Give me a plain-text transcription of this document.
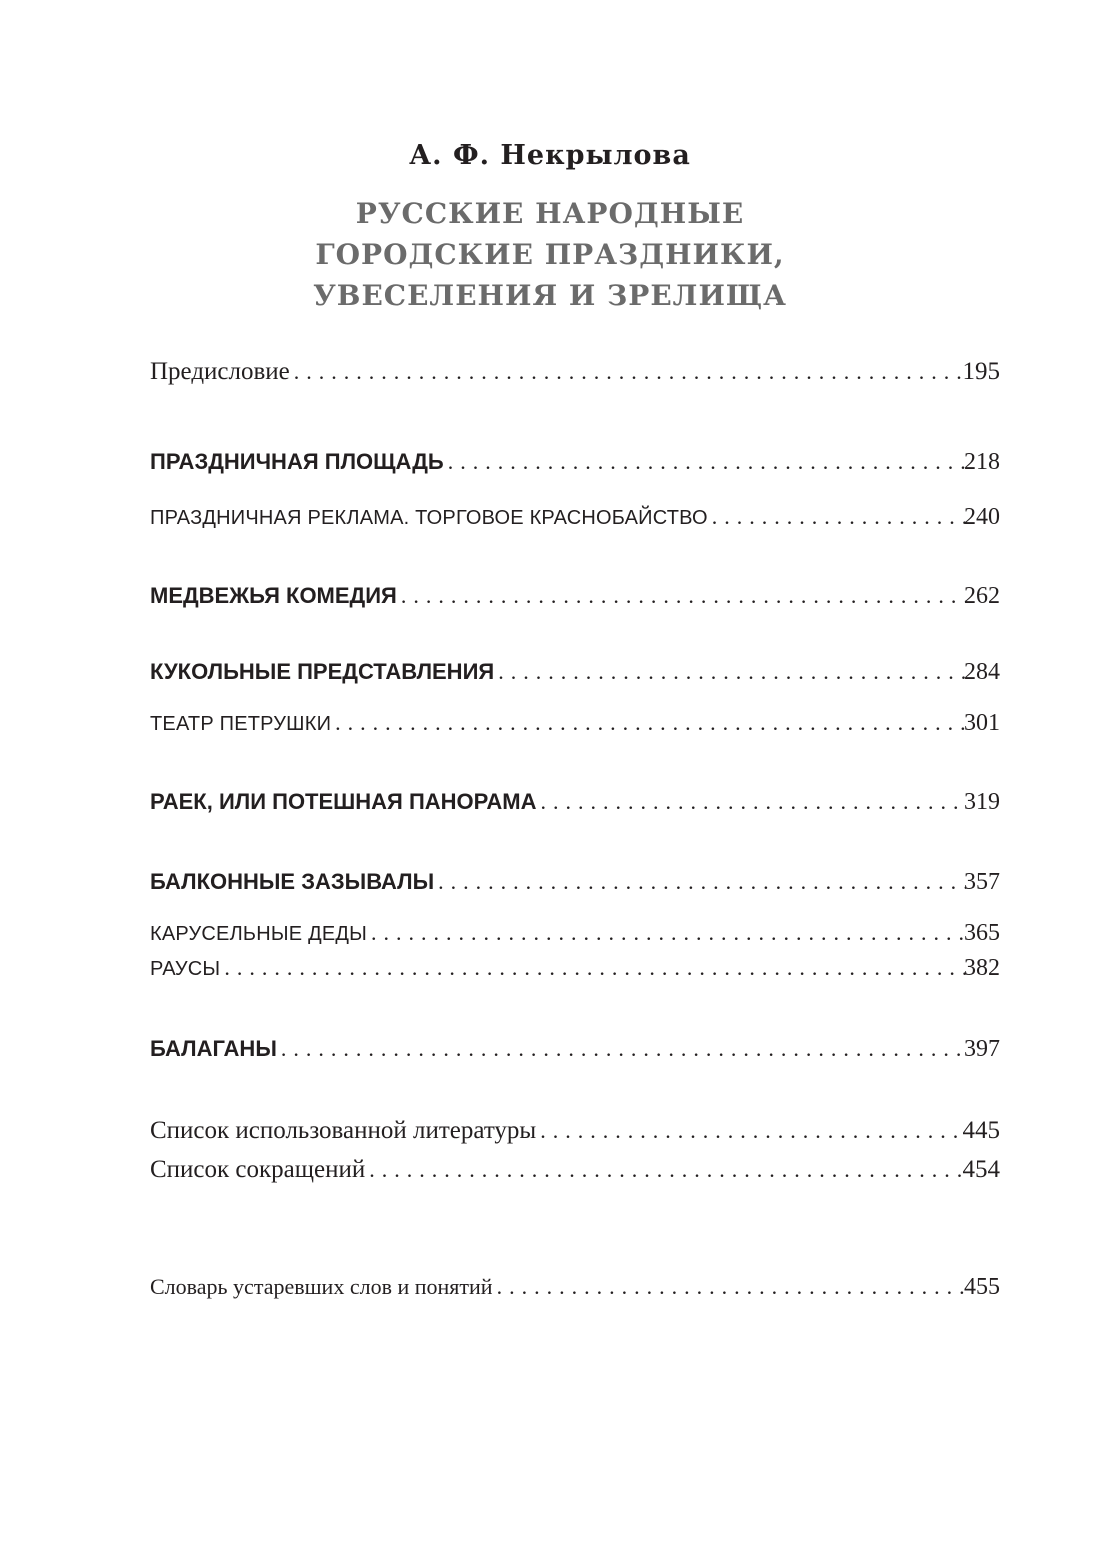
А. Ф. Некрылова
РУССКИЕ НАРОДНЫЕ
ГОРОДСКИЕ ПРАЗДНИКИ,
УВЕСЕЛЕНИЯ И ЗРЕЛИЩА
Предисловие . . .	195
ПРАЗДНИЧНАЯ ПЛОЩАДЬ . . .	218
ПРАЗДНИЧНАЯ РЕКЛАМА. ТОРГОВОЕ КРАСНОБАЙСТВО . . .	240
МЕДВЕЖЬЯ КОМЕДИЯ . . .	262
КУКОЛЬНЫЕ ПРЕДСТАВЛЕНИЯ . . .	284
ТЕАТР ПЕТРУШКИ . . .	301
РАЕК, ИЛИ ПОТЕШНАЯ ПАНОРАМА . . .	319
БАЛКОННЫЕ ЗАЗЫВАЛЫ . . .	357
КАРУСЕЛЬНЫЕ ДЕДЫ . . .	365
РАУСЫ . . .	382
БАЛАГАНЫ . . .	397
Список использованной литературы . . .	445
Список сокращений . . .	454
Словарь устаревших слов и понятий . . .	455
